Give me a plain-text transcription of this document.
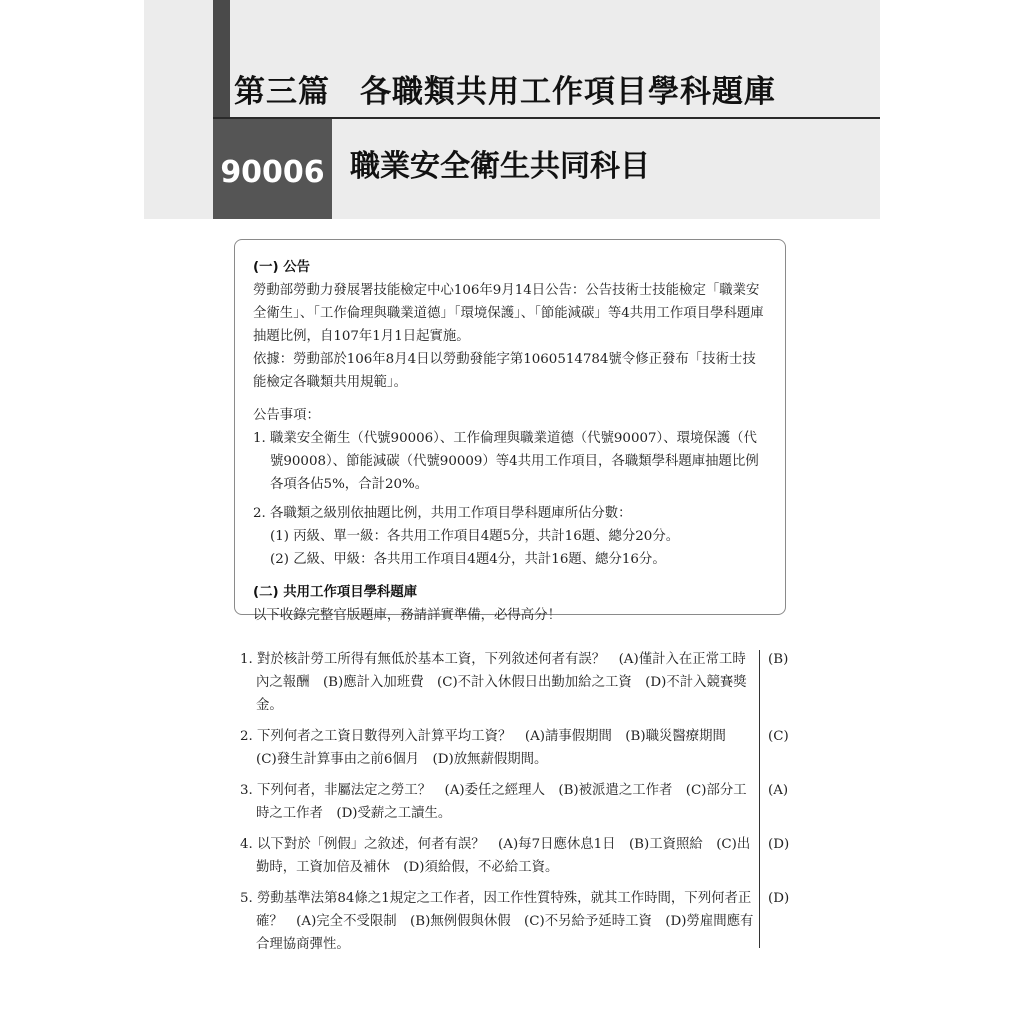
第三篇 各職類共用工作項目學科題庫
90006 職業安全衛生共同科目

(一) 公告

勞動部勞動力發展署技能檢定中心106年9月14日公告：公告技術士技能檢定「職業安全衛生」、「工作倫理與職業道德」「環境保護」、「節能減碳」等4共用工作項目學科題庫抽題比例，自107年1月1日起實施。

依據：勞動部於106年8月4日以勞動發能字第1060514784號令修正發布「技術士技能檢定各職類共用規範」。

公告事項：

1. 職業安全衛生（代號90006）、工作倫理與職業道德（代號90007）、環境保護（代號90008）、節能減碳（代號90009）等4共用工作項目，各職類學科題庫抽題比例各項各佔5%，合計20%。

2. 各職類之級別依抽題比例，共用工作項目學科題庫所佔分數：

(1) 丙級、單一級：各共用工作項目4題5分，共計16題、總分20分。

(2) 乙級、甲級：各共用工作項目4題4分，共計16題、總分16分。

(二) 共用工作項目學科題庫

以下收錄完整官版題庫，務請詳實準備，必得高分！

1. 對於核計勞工所得有無低於基本工資，下列敘述何者有誤？　(A)僅計入在正常工時內之報酬　(B)應計入加班費　(C)不計入休假日出勤加給之工資　(D)不計入競賽獎金。
(B)
2. 下列何者之工資日數得列入計算平均工資？　(A)請事假期間　(B)職災醫療期間　(C)發生計算事由之前6個月　(D)放無薪假期間。
(C)
3. 下列何者，非屬法定之勞工？　(A)委任之經理人　(B)被派遣之工作者　(C)部分工時之工作者　(D)受薪之工讀生。
(A)
4. 以下對於「例假」之敘述，何者有誤？　(A)每7日應休息1日　(B)工資照給　(C)出勤時，工資加倍及補休　(D)須給假，不必給工資。
(D)
5. 勞動基準法第84條之1規定之工作者，因工作性質特殊，就其工作時間，下列何者正確？　(A)完全不受限制　(B)無例假與休假　(C)不另給予延時工資　(D)勞雇間應有合理協商彈性。
(D)
